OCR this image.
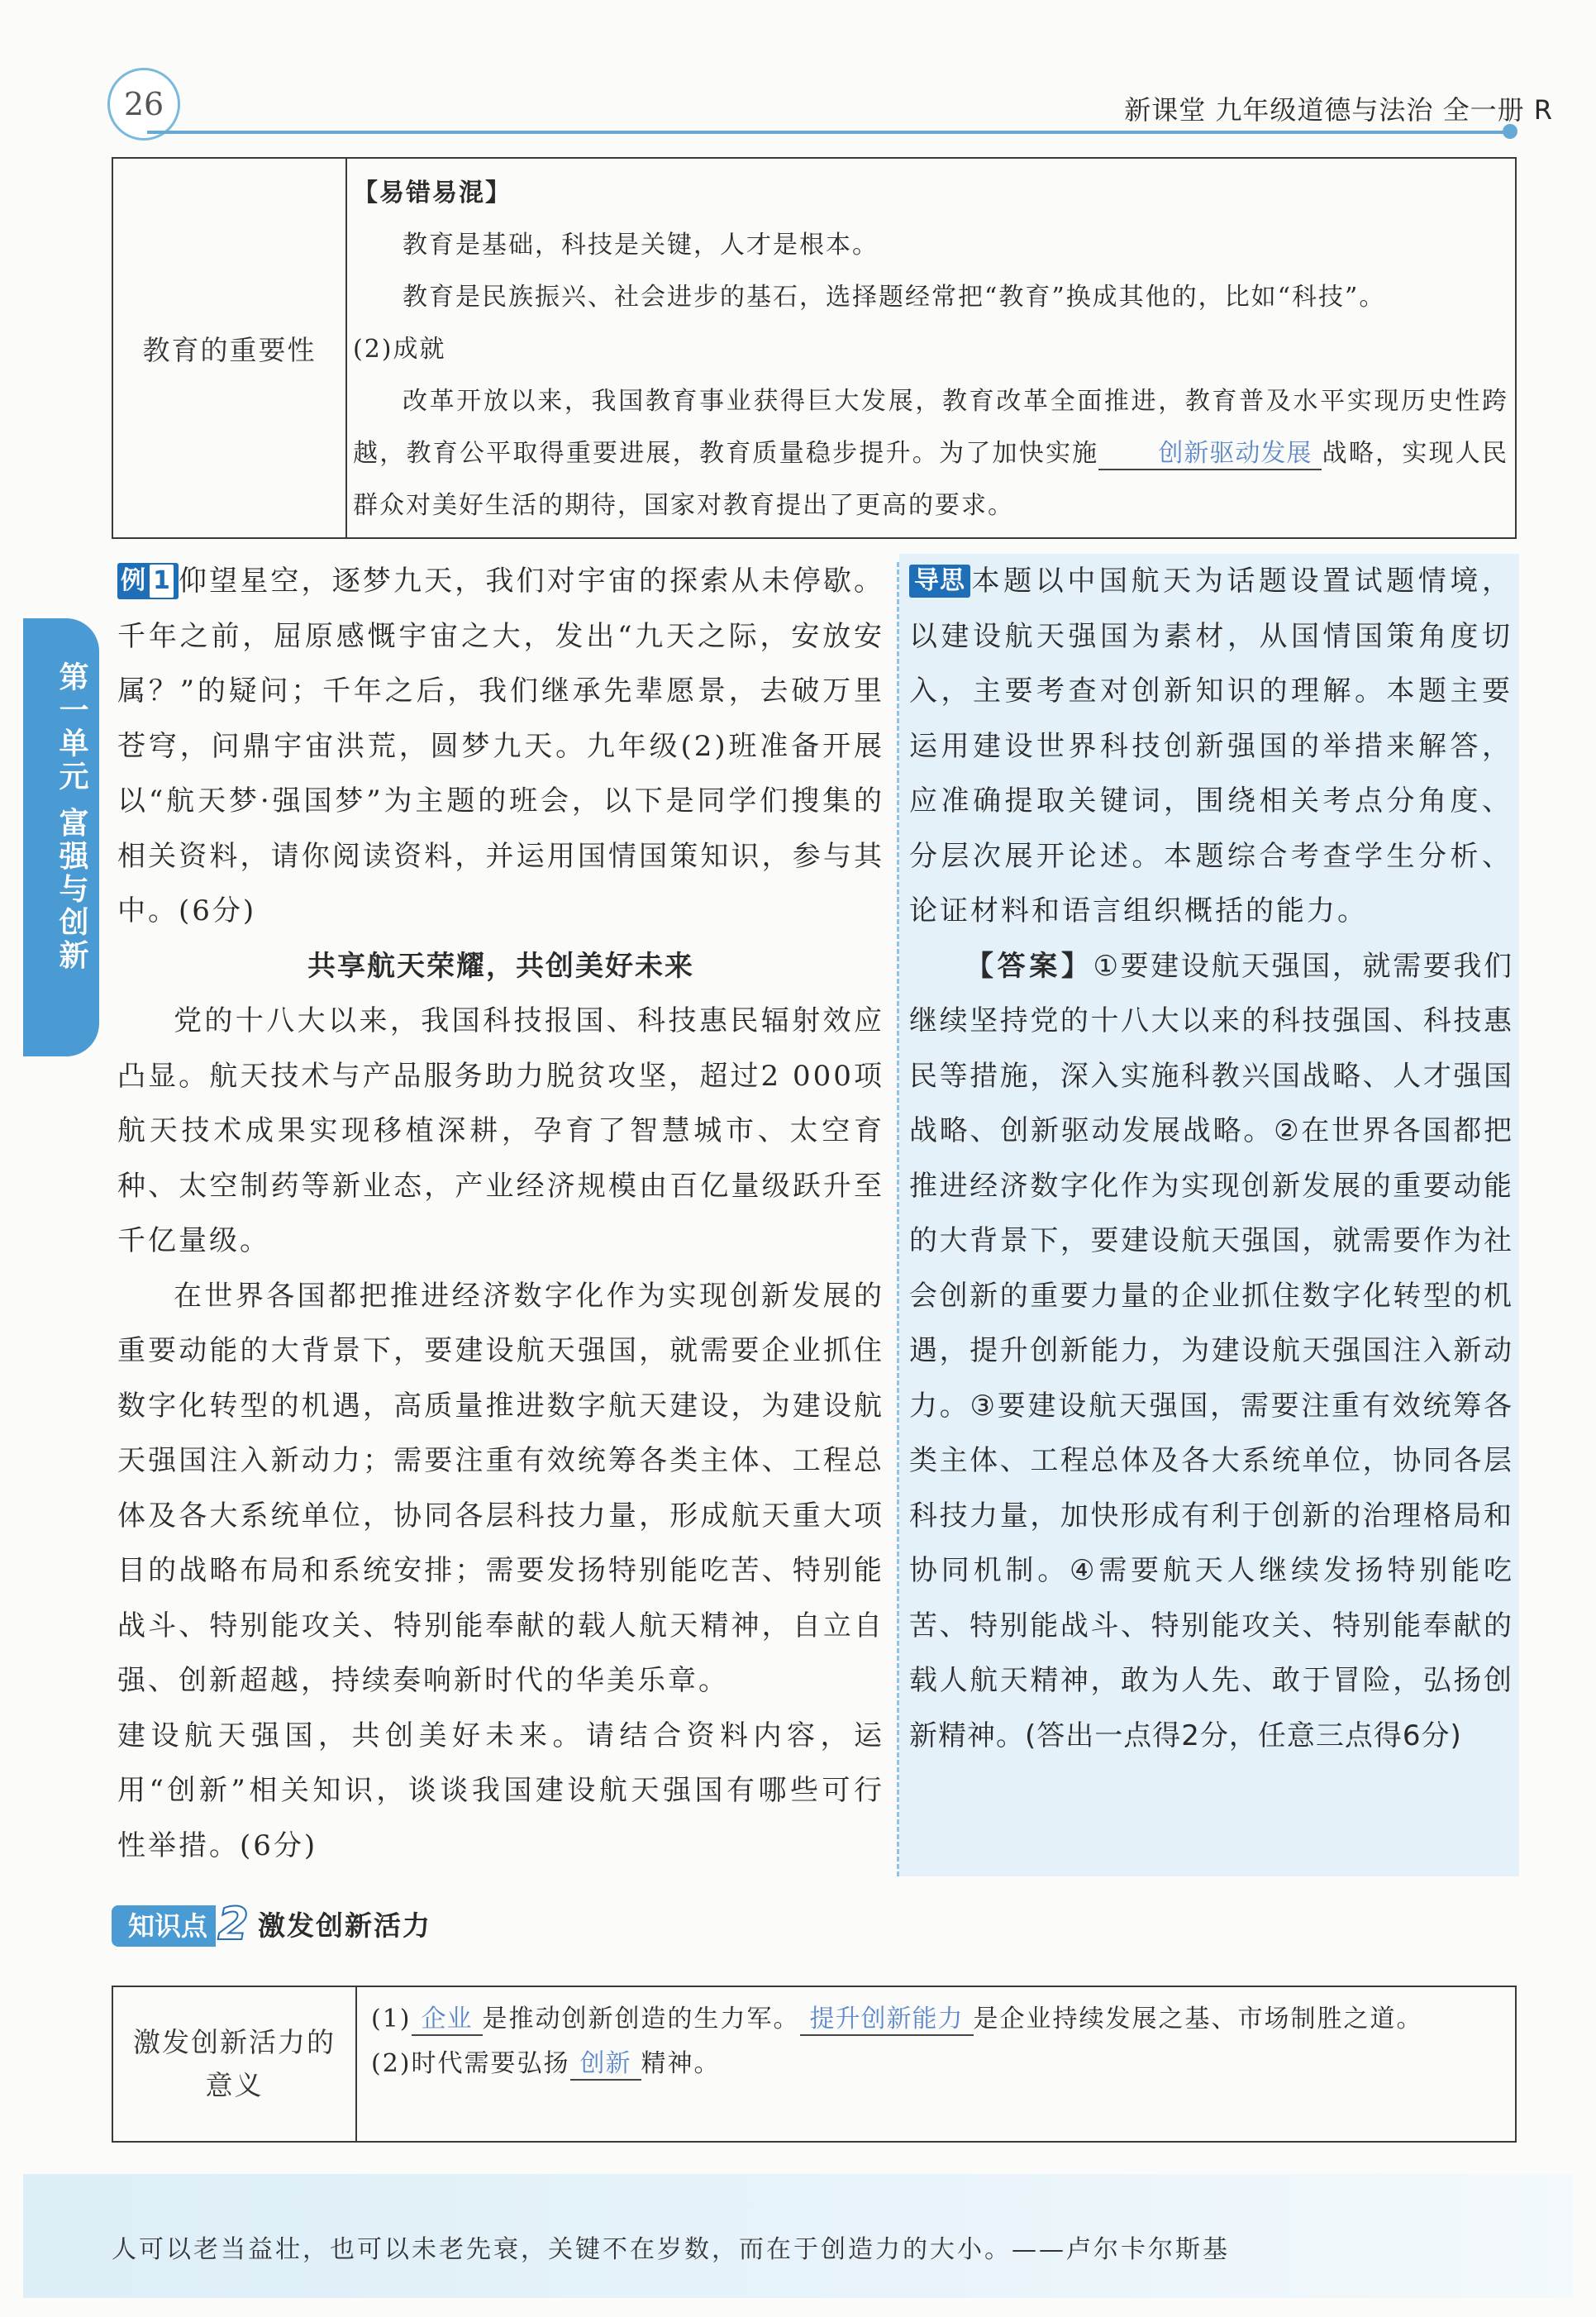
26	新课堂 九年级道德与法治 全一册 R
教育的重要性
【易错易混】
教育是基础，科技是关键，人才是根本。
教育是民族振兴、社会进步的基石，选择题经常把“教育”换成其他的，比如“科技”。
(2)成就
改革开放以来，我国教育事业获得巨大发展，教育改革全面推进，教育普及水平实现历史性跨越，教育公平取得重要进展，教育质量稳步提升。为了加快实施 创新驱动发展 战略，实现人民群众对美好生活的期待，国家对教育提出了更高的要求。
第一单元 富强与创新

例 1 仰望星空，逐梦九天，我们对宇宙的探索从未停歇。千年之前，屈原感慨宇宙之大，发出“九天之际，安放安属？”的疑问；千年之后，我们继承先辈愿景，去破万里苍穹，问鼎宇宙洪荒，圆梦九天。九年级(2)班准备开展以“航天梦·强国梦”为主题的班会，以下是同学们搜集的相关资料，请你阅读资料，并运用国情国策知识，参与其中。(6分)

共享航天荣耀，共创美好未来

党的十八大以来，我国科技报国、科技惠民辐射效应凸显。航天技术与产品服务助力脱贫攻坚，超过2 000项航天技术成果实现移植深耕，孕育了智慧城市、太空育种、太空制药等新业态，产业经济规模由百亿量级跃升至千亿量级。

在世界各国都把推进经济数字化作为实现创新发展的重要动能的大背景下，要建设航天强国，就需要企业抓住数字化转型的机遇，高质量推进数字航天建设，为建设航天强国注入新动力；需要注重有效统筹各类主体、工程总体及各大系统单位，协同各层科技力量，形成航天重大项目的战略布局和系统安排；需要发扬特别能吃苦、特别能战斗、特别能攻关、特别能奉献的载人航天精神，自立自强、创新超越，持续奏响新时代的华美乐章。

建设航天强国，共创美好未来。请结合资料内容，运用“创新”相关知识，谈谈我国建设航天强国有哪些可行性举措。(6分)

导思 本题以中国航天为话题设置试题情境，以建设航天强国为素材，从国情国策角度切入，主要考查对创新知识的理解。本题主要运用建设世界科技创新强国的举措来解答，应准确提取关键词，围绕相关考点分角度、分层次展开论述。本题综合考查学生分析、论证材料和语言组织概括的能力。

【答案】①要建设航天强国，就需要我们继续坚持党的十八大以来的科技强国、科技惠民等措施，深入实施科教兴国战略、人才强国战略、创新驱动发展战略。②在世界各国都把推进经济数字化作为实现创新发展的重要动能的大背景下，要建设航天强国，就需要作为社会创新的重要力量的企业抓住数字化转型的机遇，提升创新能力，为建设航天强国注入新动力。③要建设航天强国，需要注重有效统筹各类主体、工程总体及各大系统单位，协同各层科技力量，加快形成有利于创新的治理格局和协同机制。④需要航天人继续发扬特别能吃苦、特别能战斗、特别能攻关、特别能奉献的载人航天精神，敢为人先、敢于冒险，弘扬创新精神。(答出一点得2分，任意三点得6分)

知识点 2 激发创新活力
激发创新活力的
意义
(1) 企业 是推动创新创造的生力军。 提升创新能力 是企业持续发展之基、市场制胜之道。
(2)时代需要弘扬 创新 精神。
人可以老当益壮，也可以未老先衰，关键不在岁数，而在于创造力的大小。——卢尔卡尔斯基
